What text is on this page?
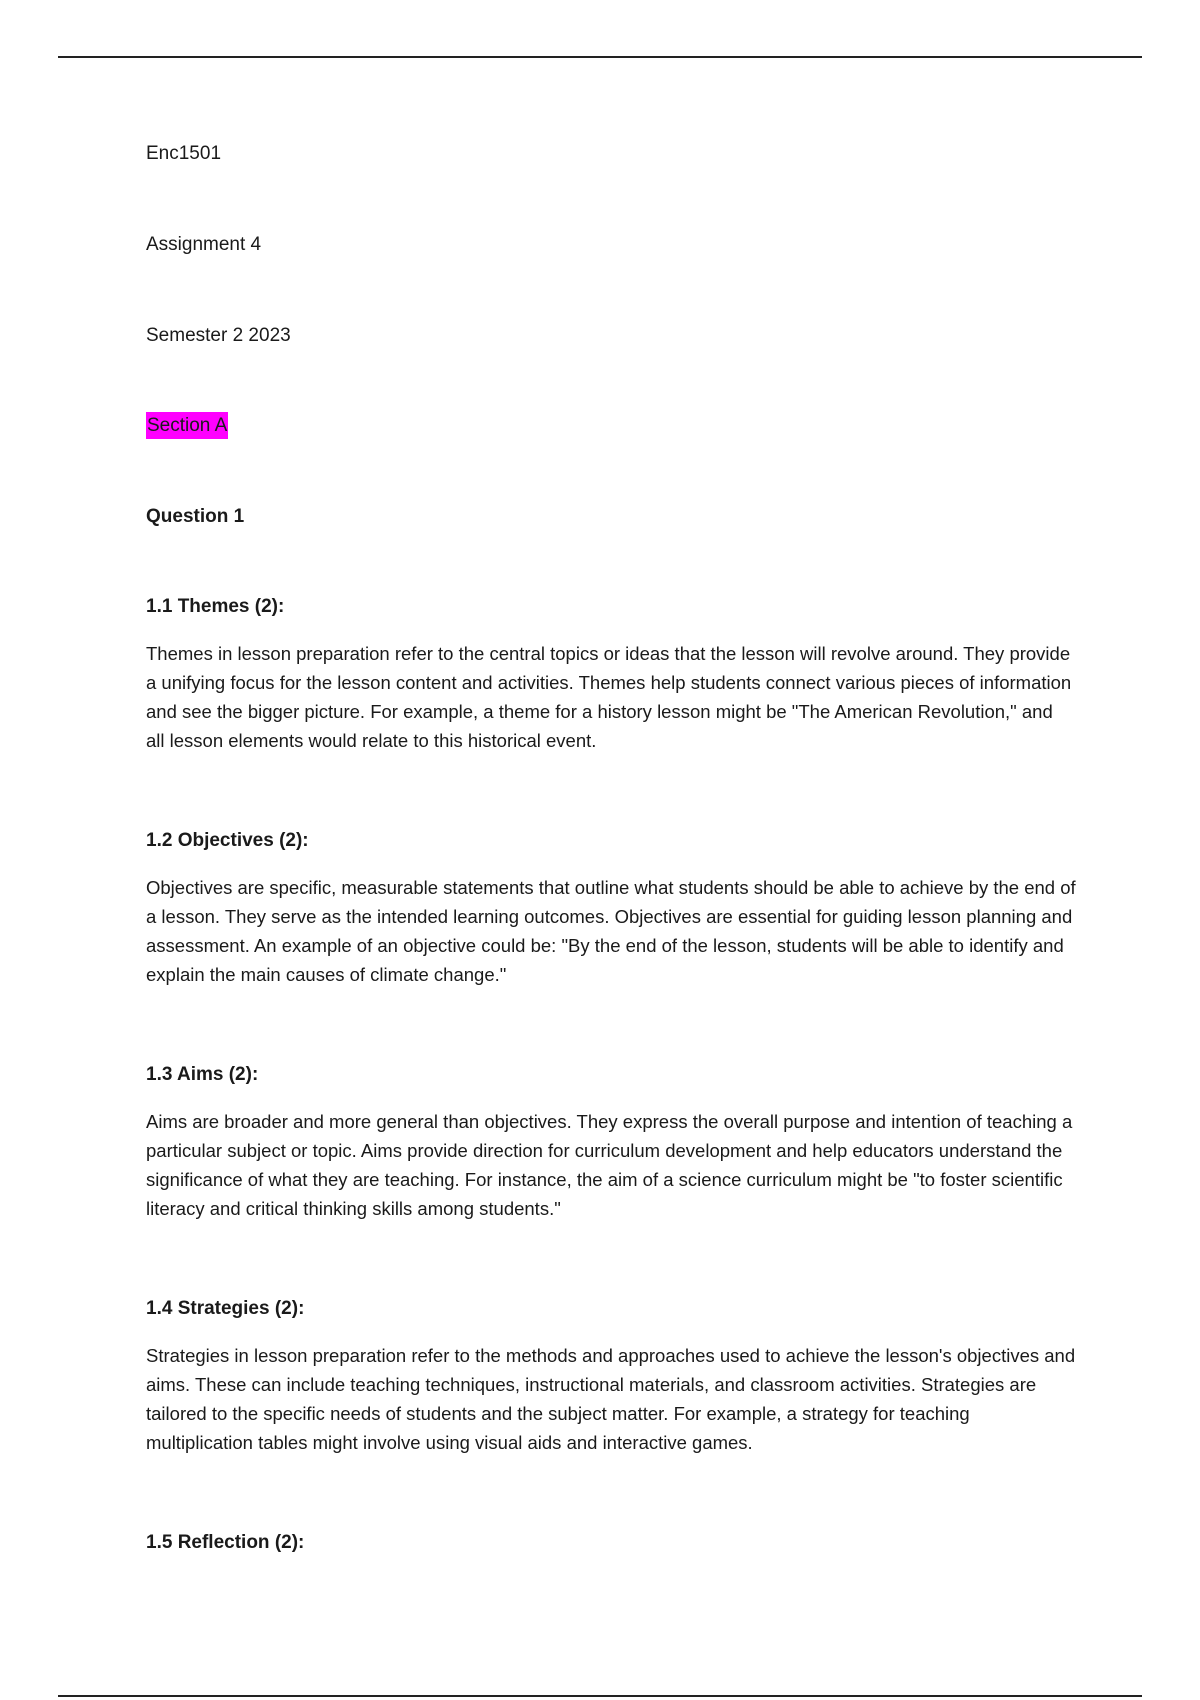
Enc1501

Assignment 4

Semester 2 2023

Section A

Question 1

1.1 Themes (2):

Themes in lesson preparation refer to the central topics or ideas that the lesson will revolve around. They provide a unifying focus for the lesson content and activities. Themes help students connect various pieces of information and see the bigger picture. For example, a theme for a history lesson might be "The American Revolution," and all lesson elements would relate to this historical event.

1.2 Objectives (2):

Objectives are specific, measurable statements that outline what students should be able to achieve by the end of a lesson. They serve as the intended learning outcomes. Objectives are essential for guiding lesson planning and assessment. An example of an objective could be: "By the end of the lesson, students will be able to identify and explain the main causes of climate change."

1.3 Aims (2):

Aims are broader and more general than objectives. They express the overall purpose and intention of teaching a particular subject or topic. Aims provide direction for curriculum development and help educators understand the significance of what they are teaching. For instance, the aim of a science curriculum might be "to foster scientific literacy and critical thinking skills among students."

1.4 Strategies (2):

Strategies in lesson preparation refer to the methods and approaches used to achieve the lesson's objectives and aims. These can include teaching techniques, instructional materials, and classroom activities. Strategies are tailored to the specific needs of students and the subject matter. For example, a strategy for teaching multiplication tables might involve using visual aids and interactive games.

1.5 Reflection (2):
